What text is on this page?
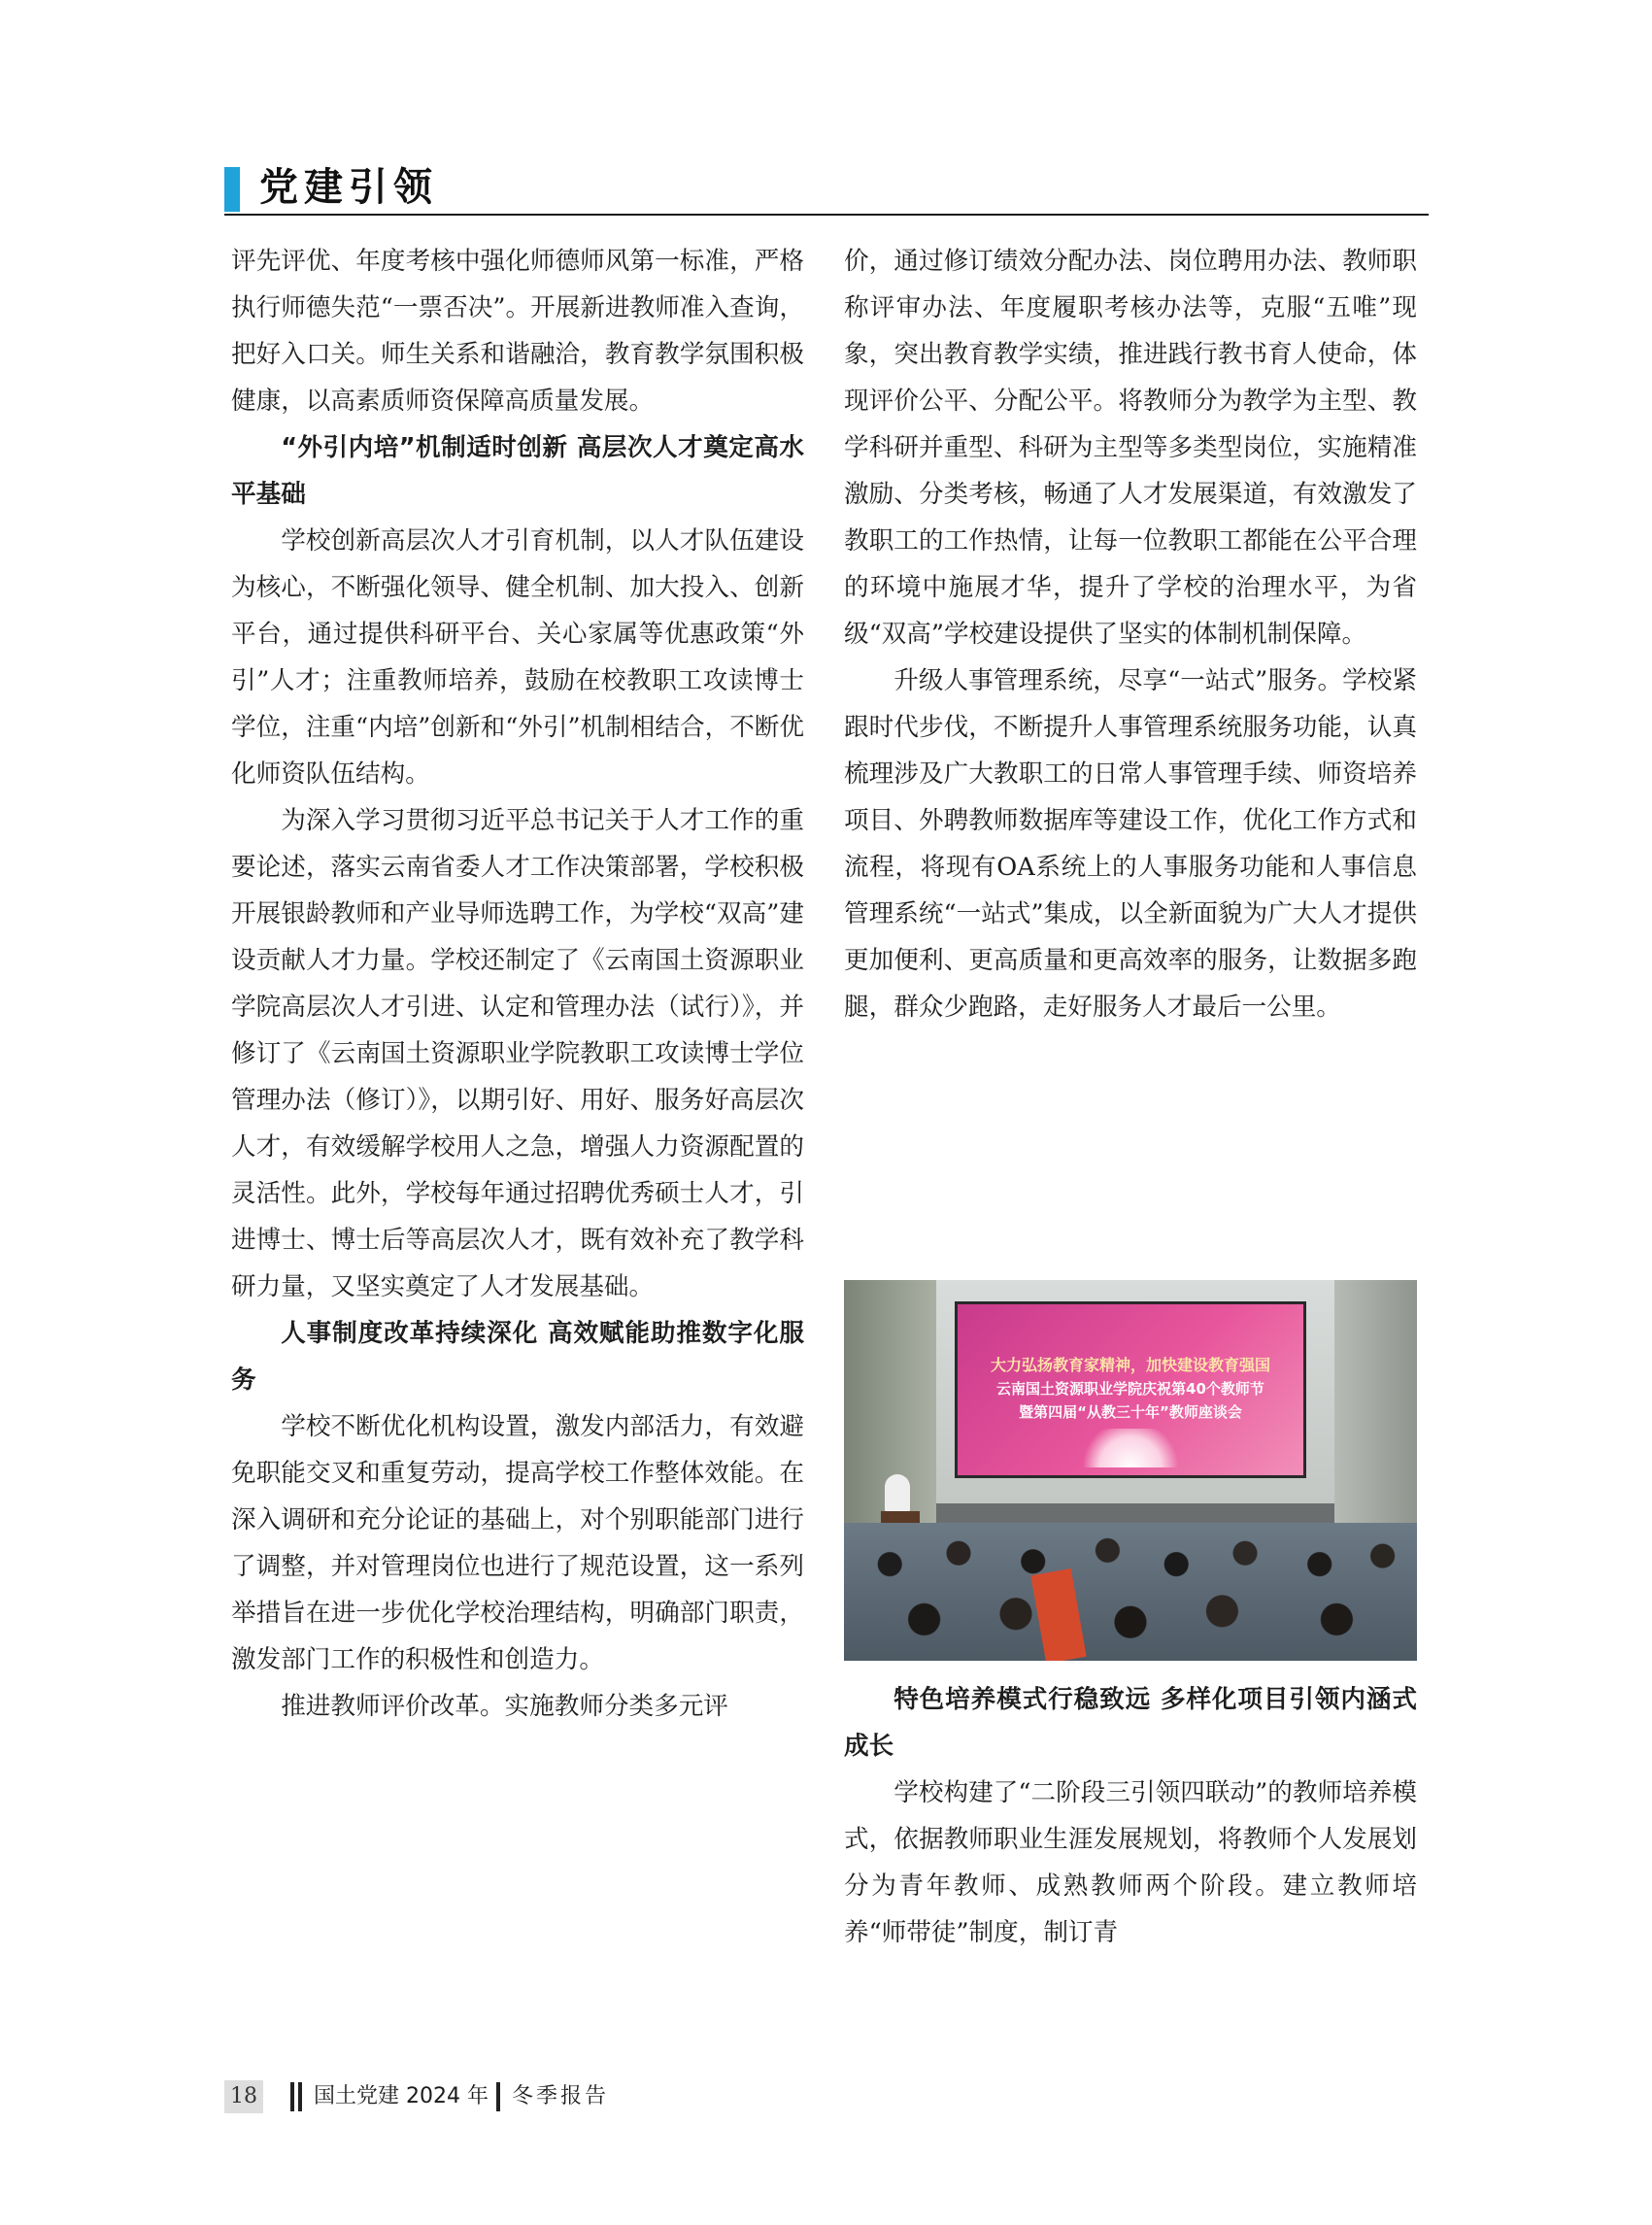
党建引领

评先评优、年度考核中强化师德师风第一标准，严格执行师德失范“一票否决”。开展新进教师准入查询，把好入口关。师生关系和谐融洽，教育教学氛围积极健康，以高素质师资保障高质量发展。

“外引内培”机制适时创新 高层次人才奠定高水平基础

学校创新高层次人才引育机制，以人才队伍建设为核心，不断强化领导、健全机制、加大投入、创新平台，通过提供科研平台、关心家属等优惠政策“外引”人才；注重教师培养，鼓励在校教职工攻读博士学位，注重“内培”创新和“外引”机制相结合，不断优化师资队伍结构。

为深入学习贯彻习近平总书记关于人才工作的重要论述，落实云南省委人才工作决策部署，学校积极开展银龄教师和产业导师选聘工作，为学校“双高”建设贡献人才力量。学校还制定了《云南国土资源职业学院高层次人才引进、认定和管理办法（试行）》，并修订了《云南国土资源职业学院教职工攻读博士学位管理办法（修订）》，以期引好、用好、服务好高层次人才，有效缓解学校用人之急，增强人力资源配置的灵活性。此外，学校每年通过招聘优秀硕士人才，引进博士、博士后等高层次人才，既有效补充了教学科研力量，又坚实奠定了人才发展基础。

人事制度改革持续深化 高效赋能助推数字化服务

学校不断优化机构设置，激发内部活力，有效避免职能交叉和重复劳动，提高学校工作整体效能。在深入调研和充分论证的基础上，对个别职能部门进行了调整，并对管理岗位也进行了规范设置，这一系列举措旨在进一步优化学校治理结构，明确部门职责，激发部门工作的积极性和创造力。

推进教师评价改革。实施教师分类多元评

价，通过修订绩效分配办法、岗位聘用办法、教师职称评审办法、年度履职考核办法等，克服“五唯”现象，突出教育教学实绩，推进践行教书育人使命，体现评价公平、分配公平。将教师分为教学为主型、教学科研并重型、科研为主型等多类型岗位，实施精准激励、分类考核，畅通了人才发展渠道，有效激发了教职工的工作热情，让每一位教职工都能在公平合理的环境中施展才华，提升了学校的治理水平，为省级“双高”学校建设提供了坚实的体制机制保障。

升级人事管理系统，尽享“一站式”服务。学校紧跟时代步伐，不断提升人事管理系统服务功能，认真梳理涉及广大教职工的日常人事管理手续、师资培养项目、外聘教师数据库等建设工作，优化工作方式和流程，将现有OA系统上的人事服务功能和人事信息管理系统“一站式”集成，以全新面貌为广大人才提供更加便利、更高质量和更高效率的服务，让数据多跑腿，群众少跑路，走好服务人才最后一公里。

大力弘扬教育家精神，加快建设教育强国
云南国土资源职业学院庆祝第40个教师节
暨第四届“从教三十年”教师座谈会
特色培养模式行稳致远 多样化项目引领内涵式成长

学校构建了“二阶段三引领四联动”的教师培养模式，依据教师职业生涯发展规划，将教师个人发展划分为青年教师、成熟教师两个阶段。建立教师培养“师带徒”制度，制订青

18	国土党建 2024 年 冬季报告
